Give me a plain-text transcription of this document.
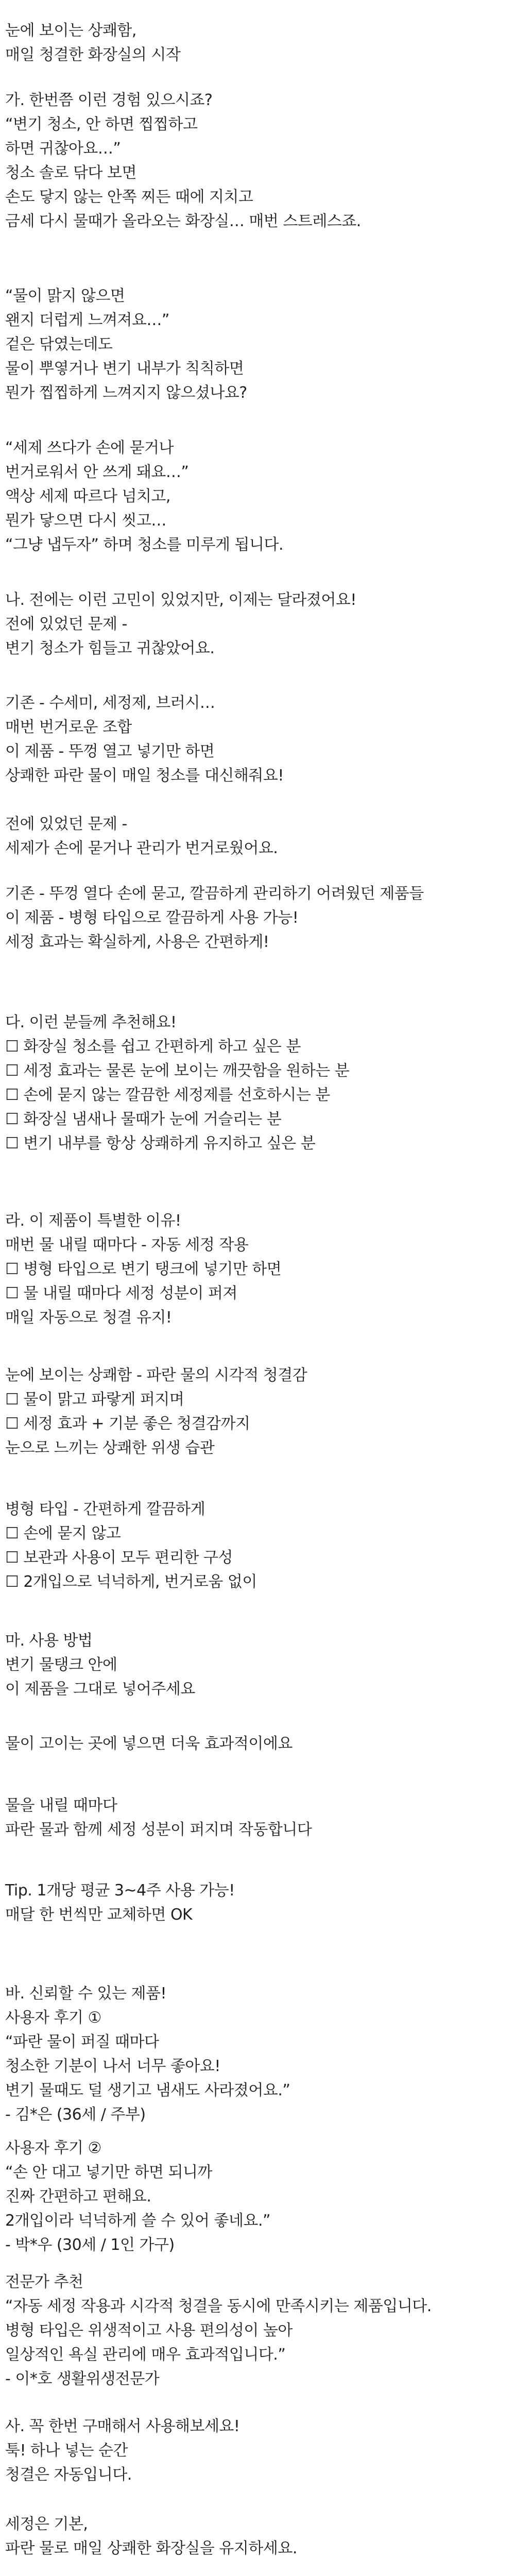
눈에 보이는 상쾌함,
매일 청결한 화장실의 시작
가. 한번쯤 이런 경험 있으시죠?
“변기 청소, 안 하면 찝찝하고
하면 귀찮아요…”
청소 솔로 닦다 보면
손도 닿지 않는 안쪽 찌든 때에 지치고
금세 다시 물때가 올라오는 화장실… 매번 스트레스죠.
“물이 맑지 않으면
왠지 더럽게 느껴져요…”
겉은 닦였는데도
물이 뿌옇거나 변기 내부가 칙칙하면
뭔가 찝찝하게 느껴지지 않으셨나요?
“세제 쓰다가 손에 묻거나
번거로워서 안 쓰게 돼요…”
액상 세제 따르다 넘치고,
뭔가 닿으면 다시 씻고…
“그냥 냅두자” 하며 청소를 미루게 됩니다.
나. 전에는 이런 고민이 있었지만, 이제는 달라졌어요!
전에 있었던 문제 -
변기 청소가 힘들고 귀찮았어요.
기존 - 수세미, 세정제, 브러시…
매번 번거로운 조합
이 제품 - 뚜껑 열고 넣기만 하면
상쾌한 파란 물이 매일 청소를 대신해줘요!
전에 있었던 문제 -
세제가 손에 묻거나 관리가 번거로웠어요.
기존 - 뚜껑 열다 손에 묻고, 깔끔하게 관리하기 어려웠던 제품들
이 제품 - 병형 타입으로 깔끔하게 사용 가능!
세정 효과는 확실하게, 사용은 간편하게!
다. 이런 분들께 추천해요!
☐ 화장실 청소를 쉽고 간편하게 하고 싶은 분
☐ 세정 효과는 물론 눈에 보이는 깨끗함을 원하는 분
☐ 손에 묻지 않는 깔끔한 세정제를 선호하시는 분
☐ 화장실 냄새나 물때가 눈에 거슬리는 분
☐ 변기 내부를 항상 상쾌하게 유지하고 싶은 분
라. 이 제품이 특별한 이유!
매번 물 내릴 때마다 - 자동 세정 작용
☐ 병형 타입으로 변기 탱크에 넣기만 하면
☐ 물 내릴 때마다 세정 성분이 퍼져
매일 자동으로 청결 유지!
눈에 보이는 상쾌함 - 파란 물의 시각적 청결감
☐ 물이 맑고 파랗게 퍼지며
☐ 세정 효과 + 기분 좋은 청결감까지
눈으로 느끼는 상쾌한 위생 습관
병형 타입 - 간편하게 깔끔하게
☐ 손에 묻지 않고
☐ 보관과 사용이 모두 편리한 구성
☐ 2개입으로 넉넉하게, 번거로움 없이
마. 사용 방법
변기 물탱크 안에
이 제품을 그대로 넣어주세요
물이 고이는 곳에 넣으면 더욱 효과적이에요
물을 내릴 때마다
파란 물과 함께 세정 성분이 퍼지며 작동합니다
Tip. 1개당 평균 3~4주 사용 가능!
매달 한 번씩만 교체하면 OK
바. 신뢰할 수 있는 제품!
사용자 후기 ①
“파란 물이 퍼질 때마다
청소한 기분이 나서 너무 좋아요!
변기 물때도 덜 생기고 냄새도 사라졌어요.”
- 김*은 (36세 / 주부)
사용자 후기 ②
“손 안 대고 넣기만 하면 되니까
진짜 간편하고 편해요.
2개입이라 넉넉하게 쓸 수 있어 좋네요.”
- 박*우 (30세 / 1인 가구)
전문가 추천
“자동 세정 작용과 시각적 청결을 동시에 만족시키는 제품입니다.
병형 타입은 위생적이고 사용 편의성이 높아
일상적인 욕실 관리에 매우 효과적입니다.”
- 이*호 생활위생전문가
사. 꼭 한번 구매해서 사용해보세요!
툭! 하나 넣는 순간
청결은 자동입니다.
세정은 기본,
파란 물로 매일 상쾌한 화장실을 유지하세요.
